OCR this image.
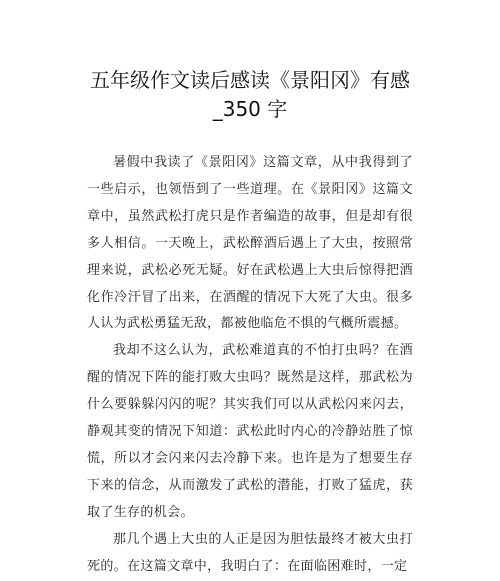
五年级作文读后感读《景阳冈》有感
_350 字

暑假中我读了《景阳冈》这篇文章，从中我得到了一些启示，也领悟到了一些道理。在《景阳冈》这篇文章中，虽然武松打虎只是作者编造的故事，但是却有很多人相信。一天晚上，武松醉酒后遇上了大虫，按照常理来说，武松必死无疑。好在武松遇上大虫后惊得把酒化作冷汗冒了出来，在酒醒的情况下大死了大虫。很多人认为武松勇猛无敌，都被他临危不惧的气概所震撼。

我却不这么认为，武松难道真的不怕打虫吗？在酒醒的情况下阵的能打败大虫吗？既然是这样，那武松为什么要躲躲闪闪的呢？其实我们可以从武松闪来闪去，静观其变的情况下知道：武松此时内心的冷静站胜了惊慌，所以才会闪来闪去冷静下来。也许是为了想要生存下来的信念，从而激发了武松的潜能，打败了猛虎，获取了生存的机会。

那几个遇上大虫的人正是因为胆怯最终才被大虫打死的。在这篇文章中，我明白了：在面临困难时，一定
